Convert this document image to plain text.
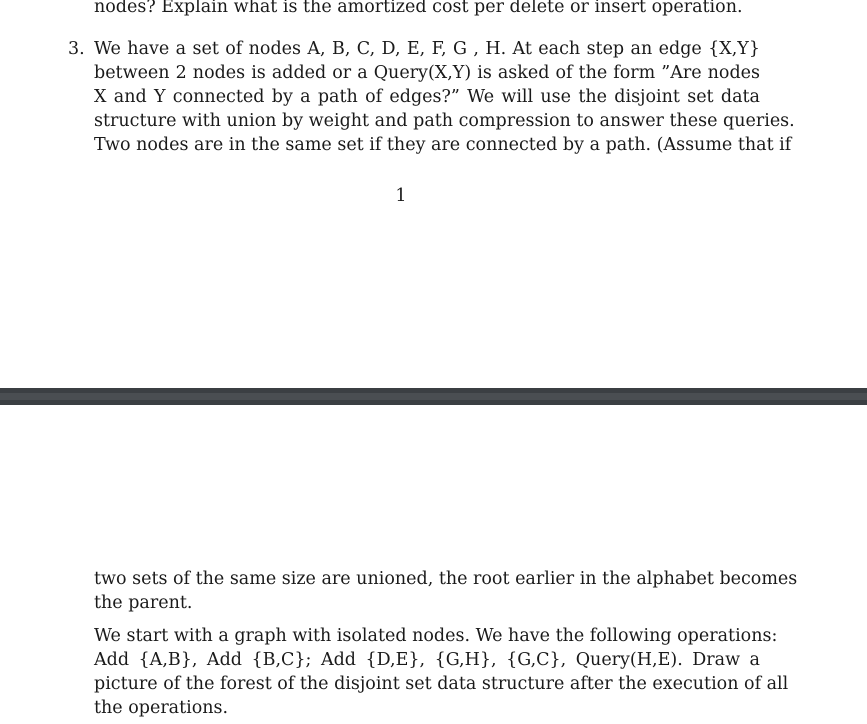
nodes? Explain what is the amortized cost per delete or insert operation.
3. We have a set of nodes A, B, C, D, E, F, G , H. At each step an edge {X,Y}
between 2 nodes is added or a Query(X,Y) is asked of the form ”Are nodes
X and Y connected by a path of edges?” We will use the disjoint set data
structure with union by weight and path compression to answer these queries.
Two nodes are in the same set if they are connected by a path. (Assume that if
1
two sets of the same size are unioned, the root earlier in the alphabet becomes
the parent.
We start with a graph with isolated nodes. We have the following operations:
Add {A,B}, Add {B,C}; Add {D,E}, {G,H}, {G,C}, Query(H,E). Draw a
picture of the forest of the disjoint set data structure after the execution of all
the operations.
